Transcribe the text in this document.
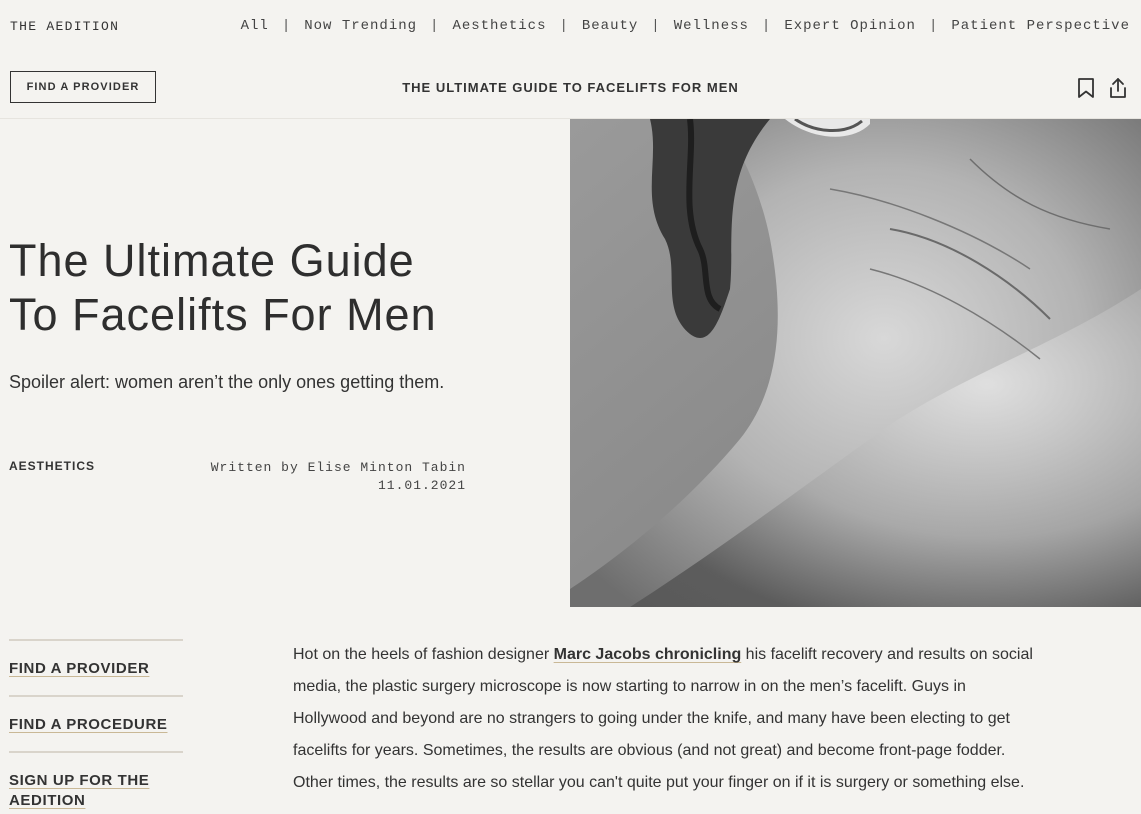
THE AEDITION	All | Now Trending | Aesthetics | Beauty | Wellness | Expert Opinion | Patient Perspective
FIND A PROVIDER	THE ULTIMATE GUIDE TO FACELIFTS FOR MEN
The Ultimate Guide
To Facelifts For Men

Spoiler alert: women aren’t the only ones getting them.

AESTHETICS	Written by Elise Minton Tabin
11.01.2021
FIND A PROVIDER
FIND A PROCEDURE
SIGN UP FOR THE AEDITION

Hot on the heels of fashion designer Marc Jacobs chronicling his facelift recovery and results on social media, the plastic surgery microscope is now starting to narrow in on the men’s facelift. Guys in Hollywood and beyond are no strangers to going under the knife, and many have been electing to get facelifts for years. Sometimes, the results are obvious (and not great) and become front-page fodder. Other times, the results are so stellar you can't quite put your finger on if it is surgery or something else.
